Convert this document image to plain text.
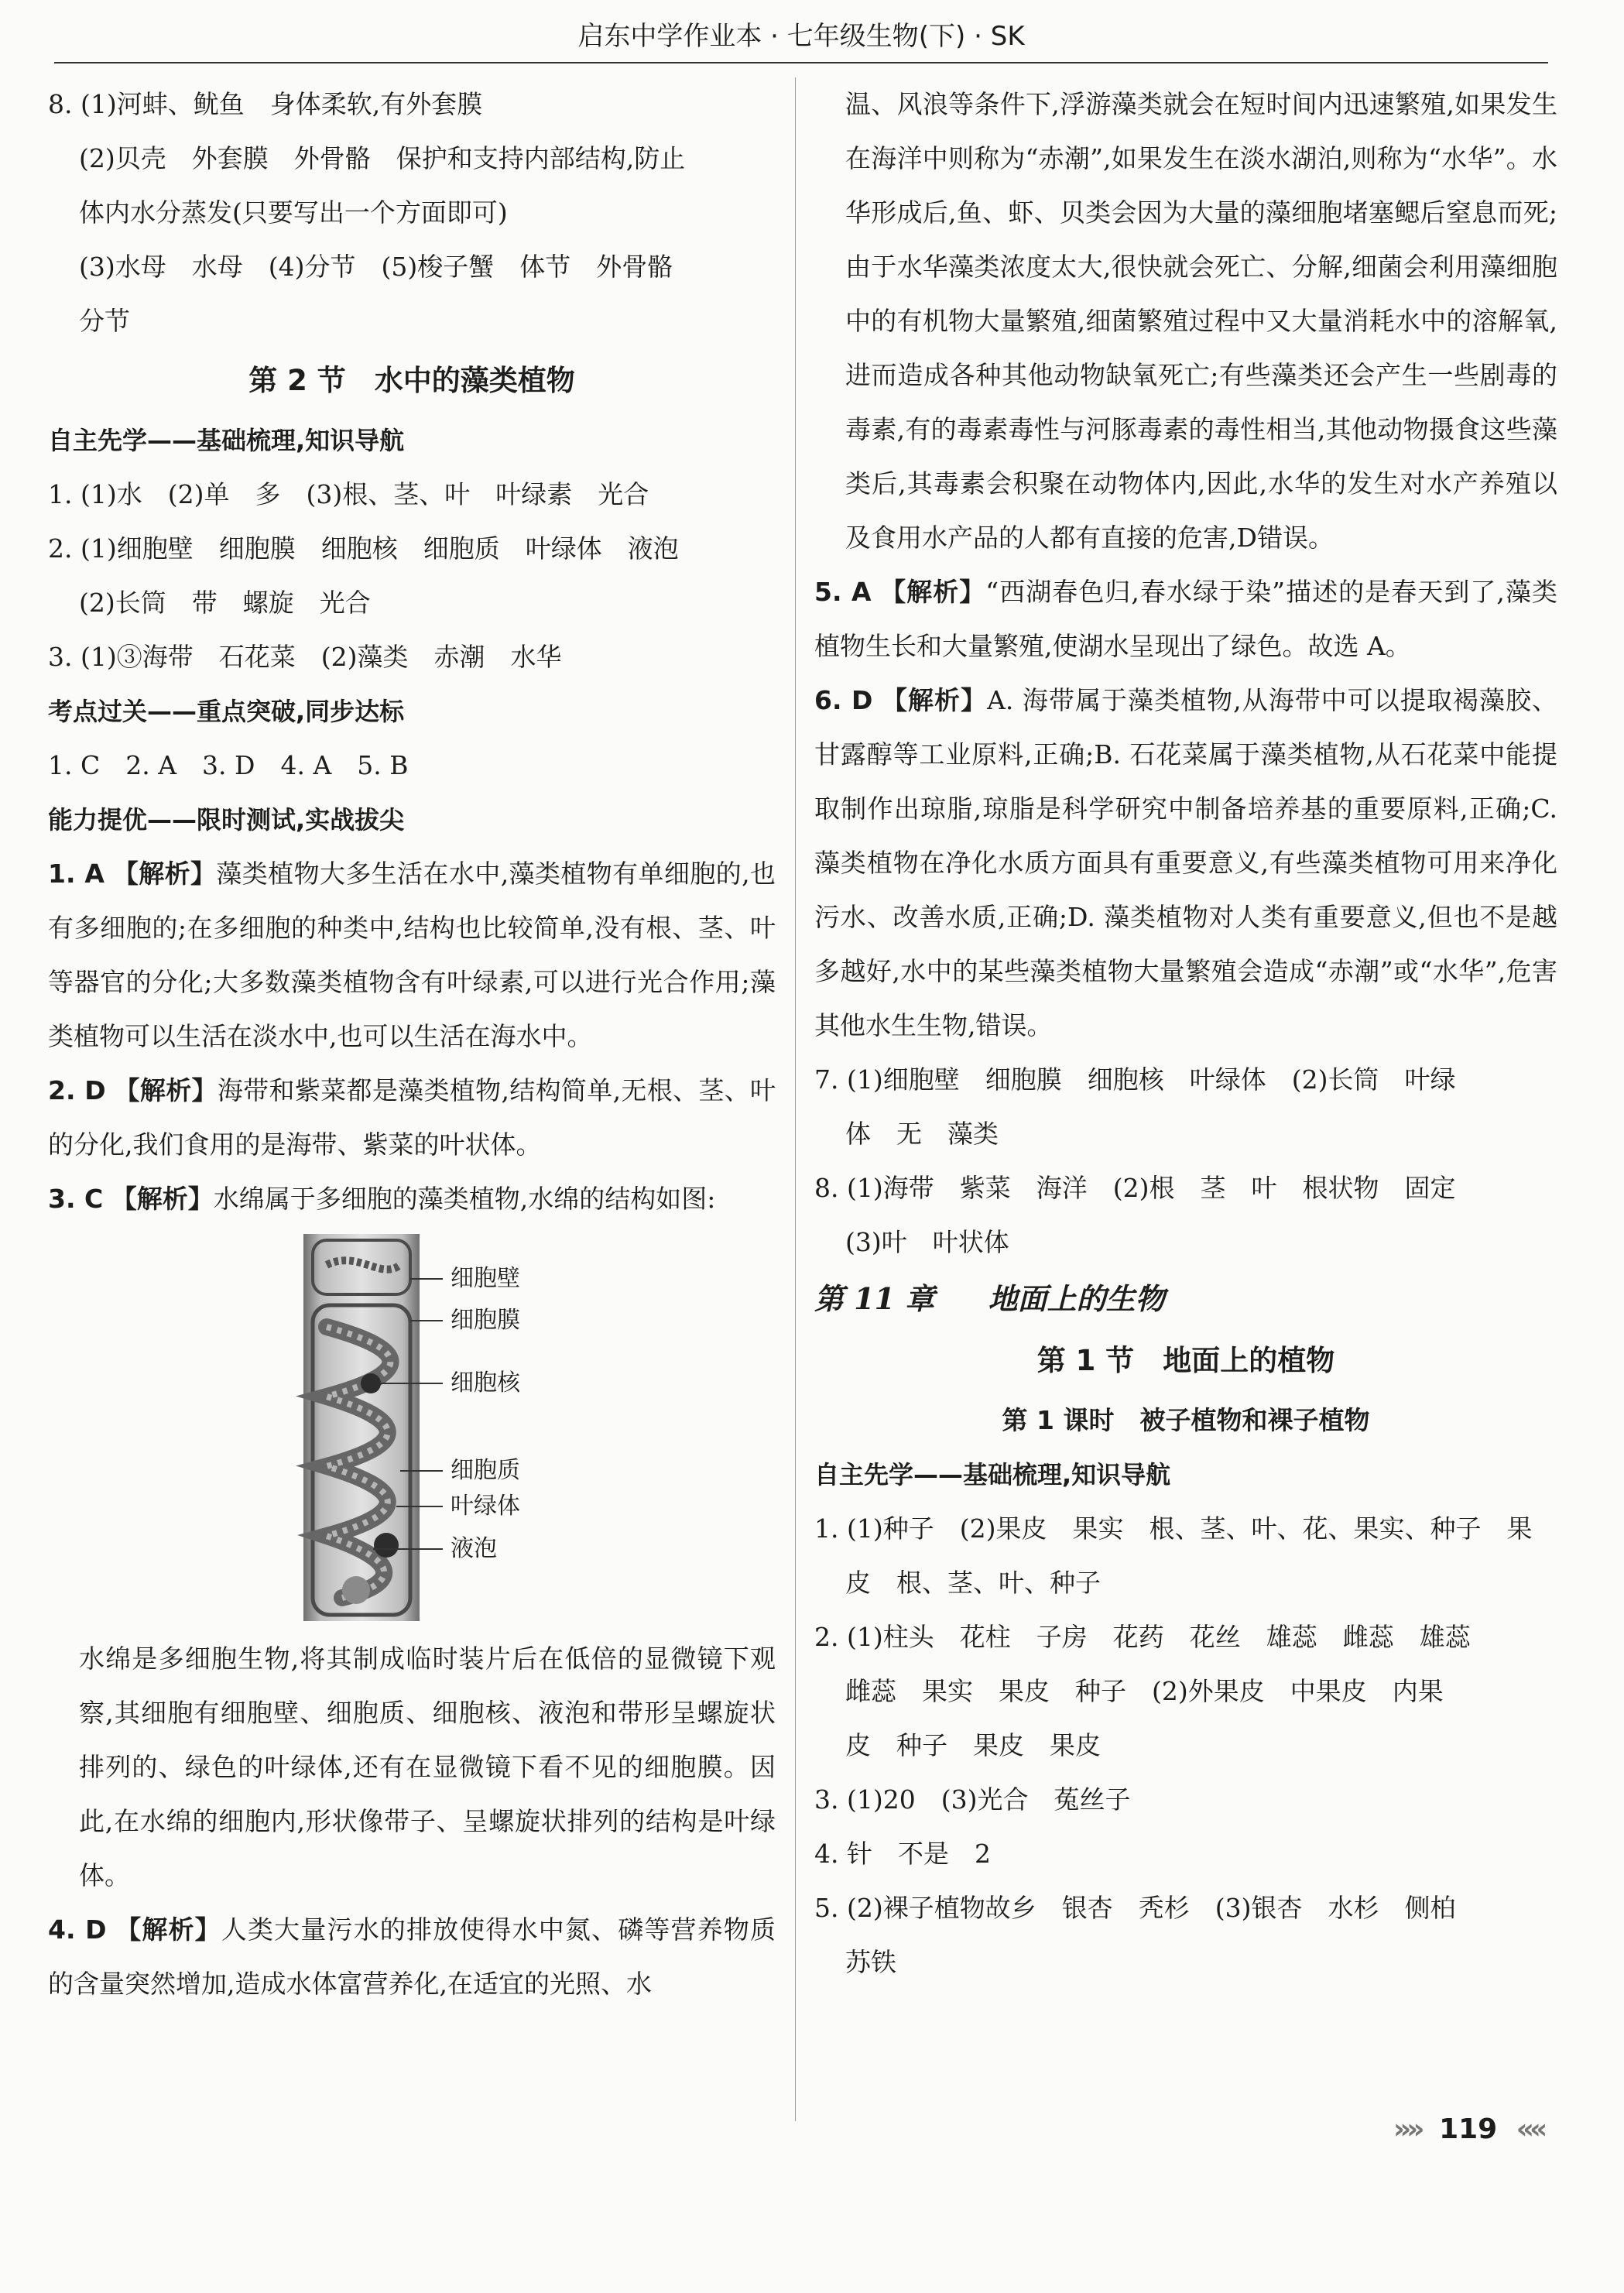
启东中学作业本 · 七年级生物(下) · SK
8. (1)河蚌、鱿鱼　身体柔软,有外套膜
(2)贝壳　外套膜　外骨骼　保护和支持内部结构,防止
体内水分蒸发(只要写出一个方面即可)
(3)水母　水母　(4)分节　(5)梭子蟹　体节　外骨骼
分节
第 2 节　水中的藻类植物
自主先学——基础梳理,知识导航
1. (1)水　(2)单　多　(3)根、茎、叶　叶绿素　光合
2. (1)细胞壁　细胞膜　细胞核　细胞质　叶绿体　液泡
(2)长筒　带　螺旋　光合
3. (1)③海带　石花菜　(2)藻类　赤潮　水华
考点过关——重点突破,同步达标
1. C　2. A　3. D　4. A　5. B
能力提优——限时测试,实战拔尖
1. A 【解析】藻类植物大多生活在水中,藻类植物有单细胞的,也有多细胞的;在多细胞的种类中,结构也比较简单,没有根、茎、叶等器官的分化;大多数藻类植物含有叶绿素,可以进行光合作用;藻类植物可以生活在淡水中,也可以生活在海水中。
2. D 【解析】海带和紫菜都是藻类植物,结构简单,无根、茎、叶的分化,我们食用的是海带、紫菜的叶状体。
3. C 【解析】水绵属于多细胞的藻类植物,水绵的结构如图:
细胞壁
细胞膜
细胞核
细胞质
叶绿体
液泡
水绵是多细胞生物,将其制成临时装片后在低倍的显微镜下观察,其细胞有细胞壁、细胞质、细胞核、液泡和带形呈螺旋状排列的、绿色的叶绿体,还有在显微镜下看不见的细胞膜。因此,在水绵的细胞内,形状像带子、呈螺旋状排列的结构是叶绿体。
4. D 【解析】人类大量污水的排放使得水中氮、磷等营养物质的含量突然增加,造成水体富营养化,在适宜的光照、水
温、风浪等条件下,浮游藻类就会在短时间内迅速繁殖,如果发生在海洋中则称为“赤潮”,如果发生在淡水湖泊,则称为“水华”。水华形成后,鱼、虾、贝类会因为大量的藻细胞堵塞鳃后窒息而死;由于水华藻类浓度太大,很快就会死亡、分解,细菌会利用藻细胞中的有机物大量繁殖,细菌繁殖过程中又大量消耗水中的溶解氧,进而造成各种其他动物缺氧死亡;有些藻类还会产生一些剧毒的毒素,有的毒素毒性与河豚毒素的毒性相当,其他动物摄食这些藻类后,其毒素会积聚在动物体内,因此,水华的发生对水产养殖以及食用水产品的人都有直接的危害,D错误。
5. A 【解析】“西湖春色归,春水绿于染”描述的是春天到了,藻类植物生长和大量繁殖,使湖水呈现出了绿色。故选 A。
6. D 【解析】A. 海带属于藻类植物,从海带中可以提取褐藻胶、甘露醇等工业原料,正确;B. 石花菜属于藻类植物,从石花菜中能提取制作出琼脂,琼脂是科学研究中制备培养基的重要原料,正确;C. 藻类植物在净化水质方面具有重要意义,有些藻类植物可用来净化污水、改善水质,正确;D. 藻类植物对人类有重要意义,但也不是越多越好,水中的某些藻类植物大量繁殖会造成“赤潮”或“水华”,危害其他水生生物,错误。
7. (1)细胞壁　细胞膜　细胞核　叶绿体　(2)长筒　叶绿
体　无　藻类
8. (1)海带　紫菜　海洋　(2)根　茎　叶　根状物　固定
(3)叶　叶状体
第 11 章 地面上的生物
第 1 节　地面上的植物
第 1 课时　被子植物和裸子植物
自主先学——基础梳理,知识导航
1. (1)种子　(2)果皮　果实　根、茎、叶、花、果实、种子　果
皮　根、茎、叶、种子
2. (1)柱头　花柱　子房　花药　花丝　雄蕊　雌蕊　雄蕊
雌蕊　果实　果皮　种子　(2)外果皮　中果皮　内果
皮　种子　果皮　果皮
3. (1)20　(3)光合　菟丝子
4. 针　不是　2
5. (2)裸子植物故乡　银杏　秃杉　(3)银杏　水杉　侧柏
苏铁
»» 119 ««
